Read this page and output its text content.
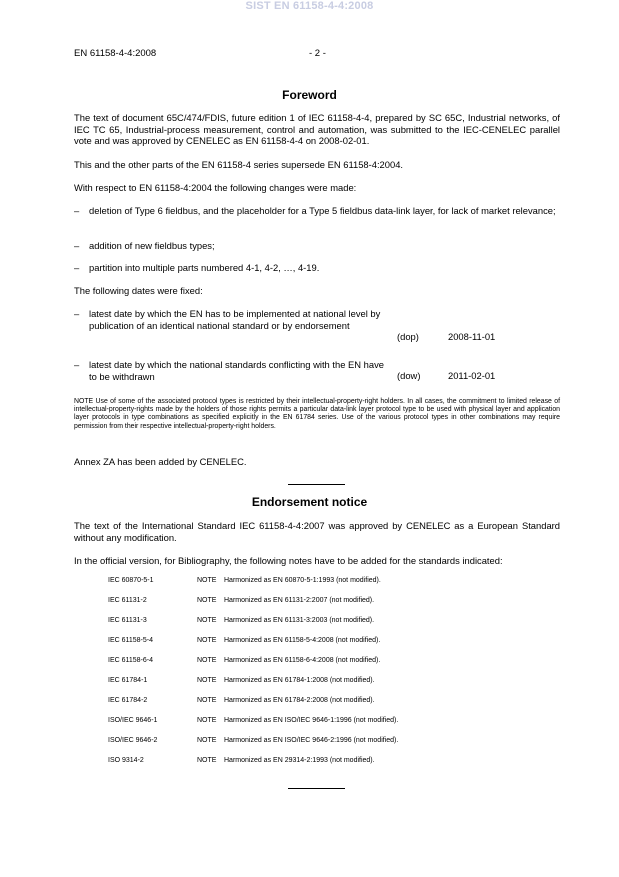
SIST EN 61158-4-4:2008
EN 61158-4-4:2008	- 2 -
Foreword
The text of document 65C/474/FDIS, future edition 1 of IEC 61158-4-4, prepared by SC 65C, Industrial networks, of IEC TC 65, Industrial-process measurement, control and automation, was submitted to the IEC-CENELEC parallel vote and was approved by CENELEC as EN 61158-4-4 on 2008-02-01.
This and the other parts of the EN 61158-4 series supersede EN 61158-4:2004.
With respect to EN 61158-4:2004 the following changes were made:
– deletion of Type 6 fieldbus, and the placeholder for a Type 5 fieldbus data-link layer, for lack of market relevance;
– addition of new fieldbus types;
– partition into multiple parts numbered 4-1, 4-2, …, 4-19.
The following dates were fixed:
– latest date by which the EN has to be implemented at national level by publication of an identical national standard or by endorsement
(dop)	2008-11-01
– latest date by which the national standards conflicting with the EN have to be withdrawn	(dow)	2011-02-01
NOTE Use of some of the associated protocol types is restricted by their intellectual-property-right holders. In all cases, the commitment to limited release of intellectual-property-rights made by the holders of those rights permits a particular data-link layer protocol type to be used with physical layer and application layer protocols in type combinations as specified explicitly in the EN 61784 series. Use of the various protocol types in other combinations may require permission from their respective intellectual-property-right holders.
Annex ZA has been added by CENELEC.
Endorsement notice
The text of the International Standard IEC 61158-4-4:2007 was approved by CENELEC as a European Standard without any modification.
In the official version, for Bibliography, the following notes have to be added for the standards indicated:
IEC 60870-5-1	NOTE Harmonized as EN 60870-5-1:1993 (not modified).
IEC 61131-2	NOTE Harmonized as EN 61131-2:2007 (not modified).
IEC 61131-3	NOTE Harmonized as EN 61131-3:2003 (not modified).
IEC 61158-5-4	NOTE Harmonized as EN 61158-5-4:2008 (not modified).
IEC 61158-6-4	NOTE Harmonized as EN 61158-6-4:2008 (not modified).
IEC 61784-1	NOTE Harmonized as EN 61784-1:2008 (not modified).
IEC 61784-2	NOTE Harmonized as EN 61784-2:2008 (not modified).
ISO/IEC 9646-1	NOTE Harmonized as EN ISO/IEC 9646-1:1996 (not modified).
ISO/IEC 9646-2	NOTE Harmonized as EN ISO/IEC 9646-2:1996 (not modified).
ISO 9314-2	NOTE Harmonized as EN 29314-2:1993 (not modified).
